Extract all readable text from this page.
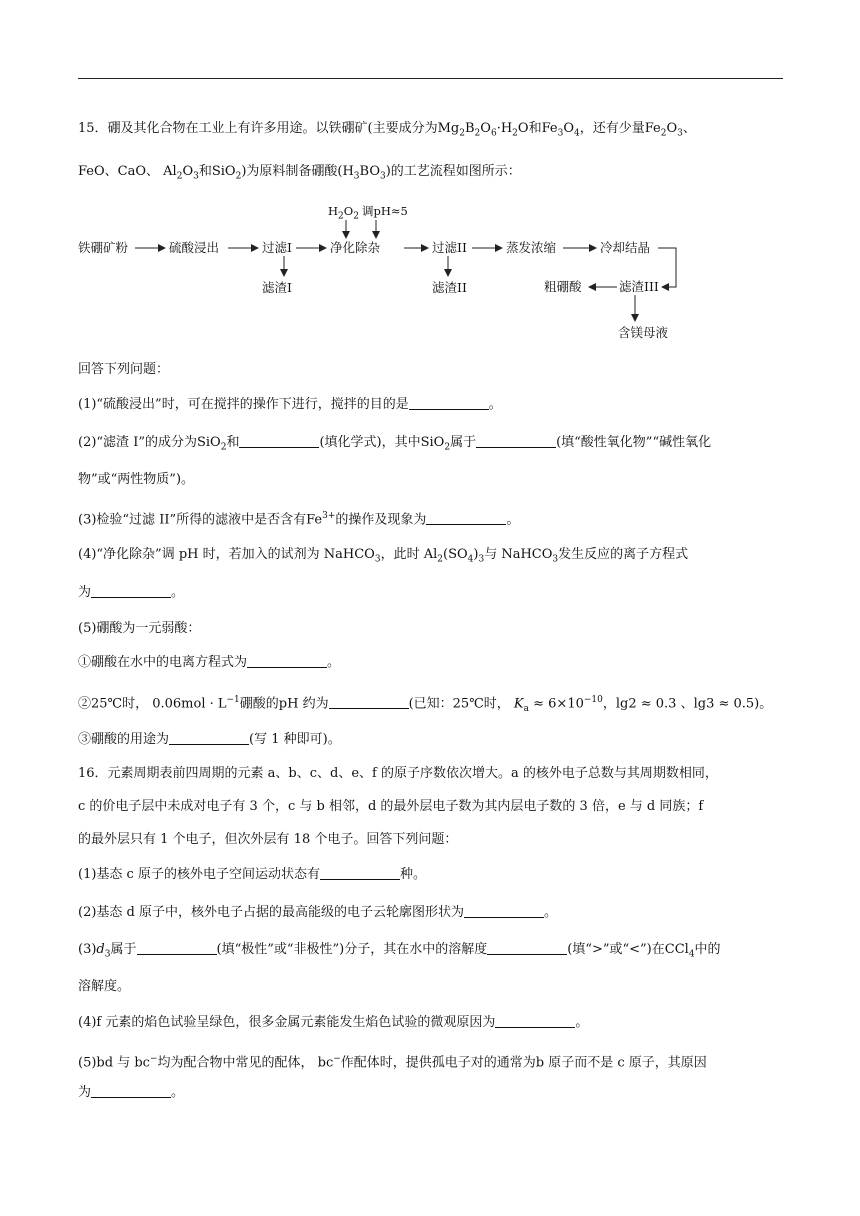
15．硼及其化合物在工业上有许多用途。以铁硼矿(主要成分为$Mg_2B_2O_6\cdot H_2O$和$Fe_3O_4$，还有少量$Fe_2O_3$、
FeO、CaO、 $Al_2O_3$和SiO$_2$)为原料制备硼酸$(H_3BO_3)$的工艺流程如图所示：
铁硼矿粉	硫酸浸出	过滤I
滤渣I
$H_2O_2$ 调pH≈5
净化除杂	过滤II
滤渣II
蒸发浓缩	冷却结晶
滤渣III
粗硼酸
含镁母液
回答下列问题：
(1)“硫酸浸出”时，可在搅拌的操作下进行，搅拌的目的是	。
(2)“滤渣 I”的成分为SiO$_2$和	(填化学式)，其中SiO$_2$属于	(填“酸性氧化物”“碱性氧化
物”或“两性物质”)。
(3)检验“过滤 II”所得的滤液中是否含有$Fe^{3+}$的操作及现象为	。
(4)“净化除杂”调 pH 时，若加入的试剂为 NaHCO$_3$，此时 $Al_2(SO_4)_3$与 NaHCO$_3$发生反应的离子方程式
为	。
(5)硼酸为一元弱酸：
①硼酸在水中的电离方程式为	。
②25℃时， $0.06mol \cdot L^{-1}$硼酸的pH 约为	(已知：25℃时， $K_a \approx 6\times 10^{-10}$，lg2 ≈ 0.3 、lg3 ≈ 0.5)。
③硼酸的用途为	(写 1 种即可)。
16．元素周期表前四周期的元素 a、b、c、d、e、f 的原子序数依次增大。a 的核外电子总数与其周期数相同，
c 的价电子层中未成对电子有 3 个，c 与 b 相邻，d 的最外层电子数为其内层电子数的 3 倍，e 与 d 同族；f
的最外层只有 1 个电子，但次外层有 18 个电子。回答下列问题：
(1)基态 c 原子的核外电子空间运动状态有	种。
(2)基态 d 原子中，核外电子占据的最高能级的电子云轮廓图形状为	。
$(3)d_3$属于	(填“极性”或“非极性”)分子，其在水中的溶解度	(填“>”或“<”)在CCl$_4$中的
溶解度。
(4)f 元素的焰色试验呈绿色，很多金属元素能发生焰色试验的微观原因为	。
(5)bd 与 bc−均为配合物中常见的配体， bc−作配体时，提供孤电子对的通常为b 原子而不是 c 原子，其原因
为	。
